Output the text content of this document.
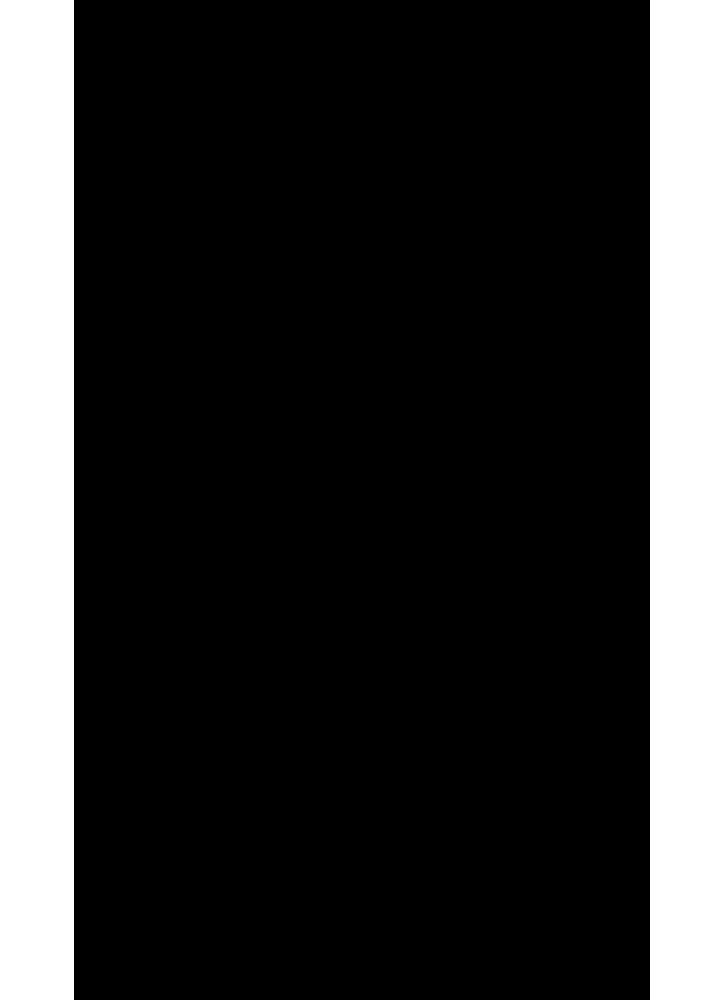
— Звучить непогано, — зауважив Бонд, зі сумнівом подумавши про морозиво з підливкою із вершкового масла і паленого цукру. Вони всілися за столик та неподільно насолоджувалися кожною випущеною стравою, яку їм запропонувала місцева американська кухня.

Говорити вони мало, й лише коли їм подали каву і прибрали посуд, капітан виймав із рота п’ядесятицентову сигару та рішуче прочистив горло.

— Містере Бонд, — мовив, — тепер, можливо, ви розкажете нам, що вам відомо про цю справу…

Нігтем великого пальця Бонд розпечатав пачку «Честерфілдів» і, вручивши заспокоїшись у комфортабельному кріслі розкішної теплої кімнати, подумки повернувся до подій двотижневої давності — до того холодного й похмурого січневого дня, коли він вийшов зі своєї квартири в Челсі у понурий морок лондонського туману.

РОЗМОВА З М.

Сірий «Бентлі» 1933 року випуску — з відкидним верхом, об’ємом двигуна 4,5 літра та удосконаленим компресором — щойно був виведений з гаража Бонда. Машина завелася відразу ж після натискання на автоматичний стартер. Бонд увімкнув подвійні протитуманні фари й обережно виїхав на Кінґс-роуд, а далі по Слоунстріт вирушив у напрямку Гайд-парку.

Начальник канцелярії містера М., зателефонувавши вчасно, повідомив, що М. хоче бачити Бонда наступного ранку о дев’ятій.

— Трохи зарано, — вибачливо сказав, — але шеф прагне діяти. Він розмірковував над цим кілька тижнів. І, гадаю, врешті надумав.

— Чи не можете ви повідомити мені телефоном, якого сектору це стосується?

Живи і дай померти	17
